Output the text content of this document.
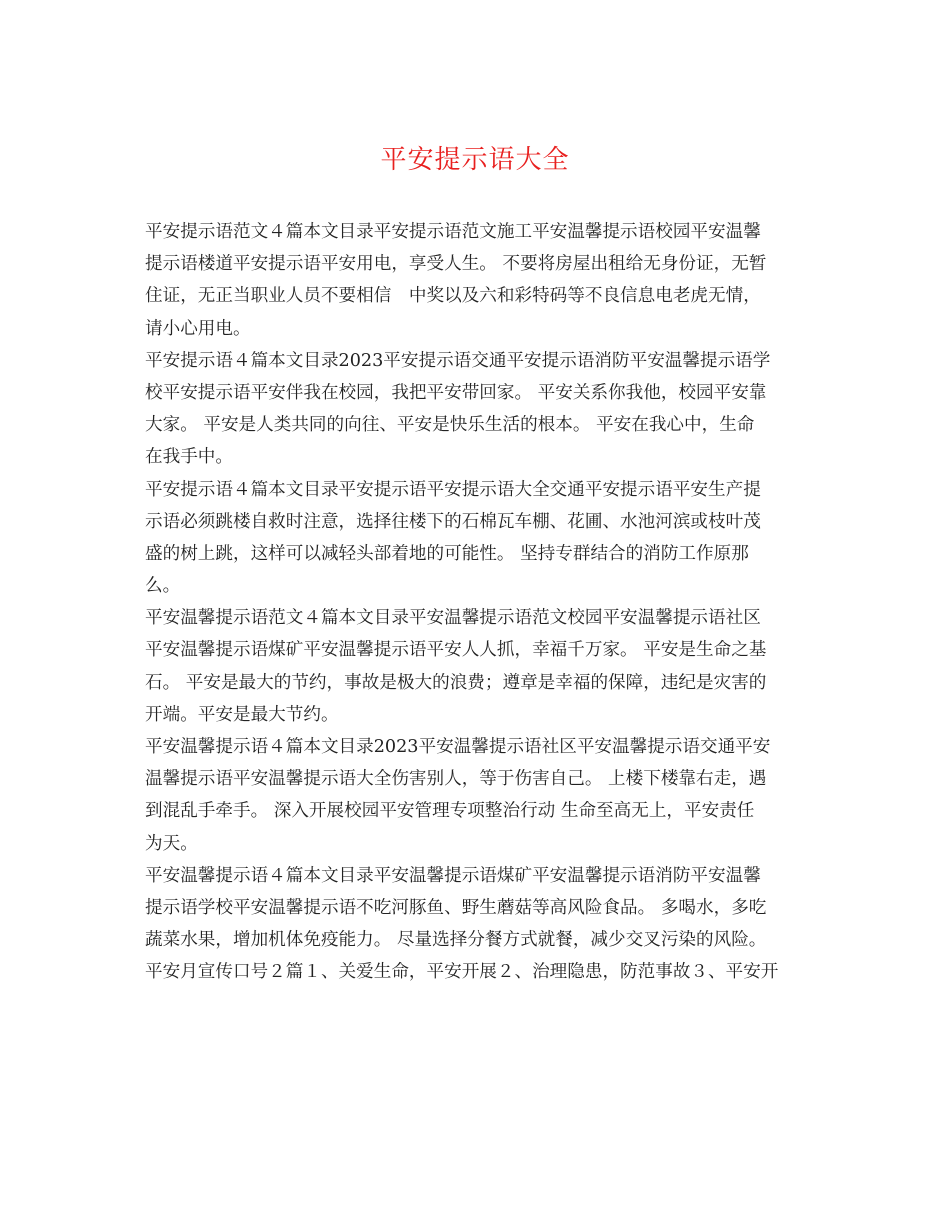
平安提示语大全
平安提示语范文４篇本文目录平安提示语范文施工平安温馨提示语校园平安温馨
提示语楼道平安提示语平安用电，享受人生。 不要将房屋出租给无身份证，无暂
住证，无正当职业人员不要相信　中奖以及六和彩特码等不良信息电老虎无情，
请小心用电。
平安提示语４篇本文目录2023平安提示语交通平安提示语消防平安温馨提示语学
校平安提示语平安伴我在校园，我把平安带回家。 平安关系你我他，校园平安靠
大家。 平安是人类共同的向往、平安是快乐生活的根本。 平安在我心中，生命
在我手中。
平安提示语４篇本文目录平安提示语平安提示语大全交通平安提示语平安生产提
示语必须跳楼自救时注意，选择往楼下的石棉瓦车棚、花圃、水池河滨或枝叶茂
盛的树上跳，这样可以减轻头部着地的可能性。 坚持专群结合的消防工作原那
么。
平安温馨提示语范文４篇本文目录平安温馨提示语范文校园平安温馨提示语社区
平安温馨提示语煤矿平安温馨提示语平安人人抓，幸福千万家。 平安是生命之基
石。 平安是最大的节约，事故是极大的浪费；遵章是幸福的保障，违纪是灾害的
开端。平安是最大节约。
平安温馨提示语４篇本文目录2023平安温馨提示语社区平安温馨提示语交通平安
温馨提示语平安温馨提示语大全伤害别人，等于伤害自己。 上楼下楼靠右走，遇
到混乱手牵手。 深入开展校园平安管理专项整治行动 生命至高无上，平安责任
为天。
平安温馨提示语４篇本文目录平安温馨提示语煤矿平安温馨提示语消防平安温馨
提示语学校平安温馨提示语不吃河豚鱼、野生蘑菇等高风险食品。 多喝水，多吃
蔬菜水果，增加机体免疫能力。 尽量选择分餐方式就餐，减少交叉污染的风险。
平安月宣传口号２篇１、关爱生命，平安开展２、治理隐患，防范事故３、平安开
